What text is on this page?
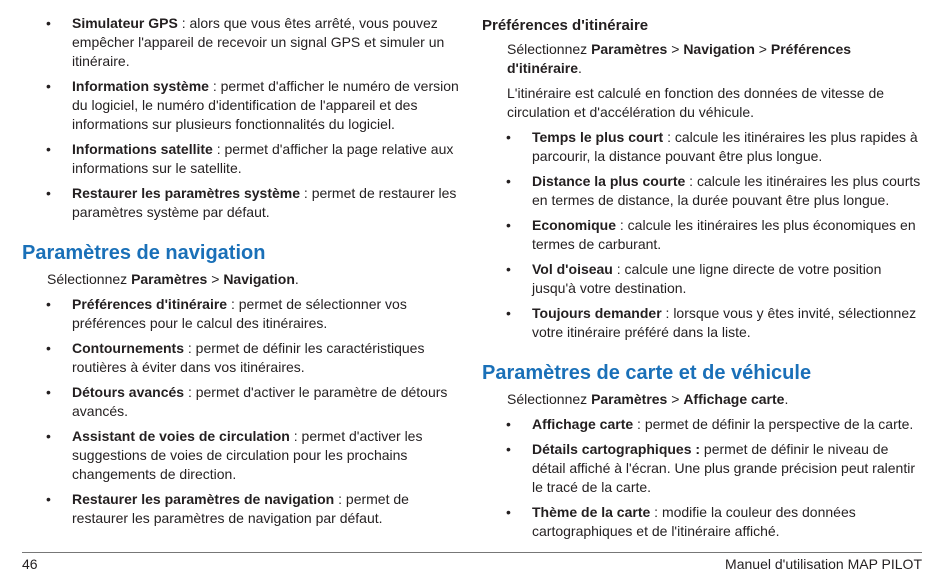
• Simulateur GPS : alors que vous êtes arrêté, vous pouvez empêcher l'appareil de recevoir un signal GPS et simuler un itinéraire.
• Information système : permet d'afficher le numéro de version du logiciel, le numéro d'identification de l'appareil et des informations sur plusieurs fonctionnalités du logiciel.
• Informations satellite : permet d'afficher la page relative aux informations sur le satellite.
• Restaurer les paramètres système : permet de restaurer les paramètres système par défaut.
Paramètres de navigation

Sélectionnez Paramètres > Navigation.

• Préférences d'itinéraire : permet de sélectionner vos préférences pour le calcul des itinéraires.
• Contournements : permet de définir les caractéristiques routières à éviter dans vos itinéraires.
• Détours avancés : permet d'activer le paramètre de détours avancés.
• Assistant de voies de circulation : permet d'activer les suggestions de voies de circulation pour les prochains changements de direction.
• Restaurer les paramètres de navigation : permet de restaurer les paramètres de navigation par défaut.
Préférences d'itinéraire

Sélectionnez Paramètres > Navigation > Préférences d'itinéraire.

L'itinéraire est calculé en fonction des données de vitesse de circulation et d'accélération du véhicule.

• Temps le plus court : calcule les itinéraires les plus rapides à parcourir, la distance pouvant être plus longue.
• Distance la plus courte : calcule les itinéraires les plus courts en termes de distance, la durée pouvant être plus longue.
• Economique : calcule les itinéraires les plus économiques en termes de carburant.
• Vol d'oiseau : calcule une ligne directe de votre position jusqu'à votre destination.
• Toujours demander : lorsque vous y êtes invité, sélectionnez votre itinéraire préféré dans la liste.
Paramètres de carte et de véhicule

Sélectionnez Paramètres > Affichage carte.

• Affichage carte : permet de définir la perspective de la carte.
• Détails cartographiques : permet de définir le niveau de détail affiché à l'écran. Une plus grande précision peut ralentir le tracé de la carte.
• Thème de la carte : modifie la couleur des données cartographiques et de l'itinéraire affiché.
46	Manuel d'utilisation MAP PILOT
